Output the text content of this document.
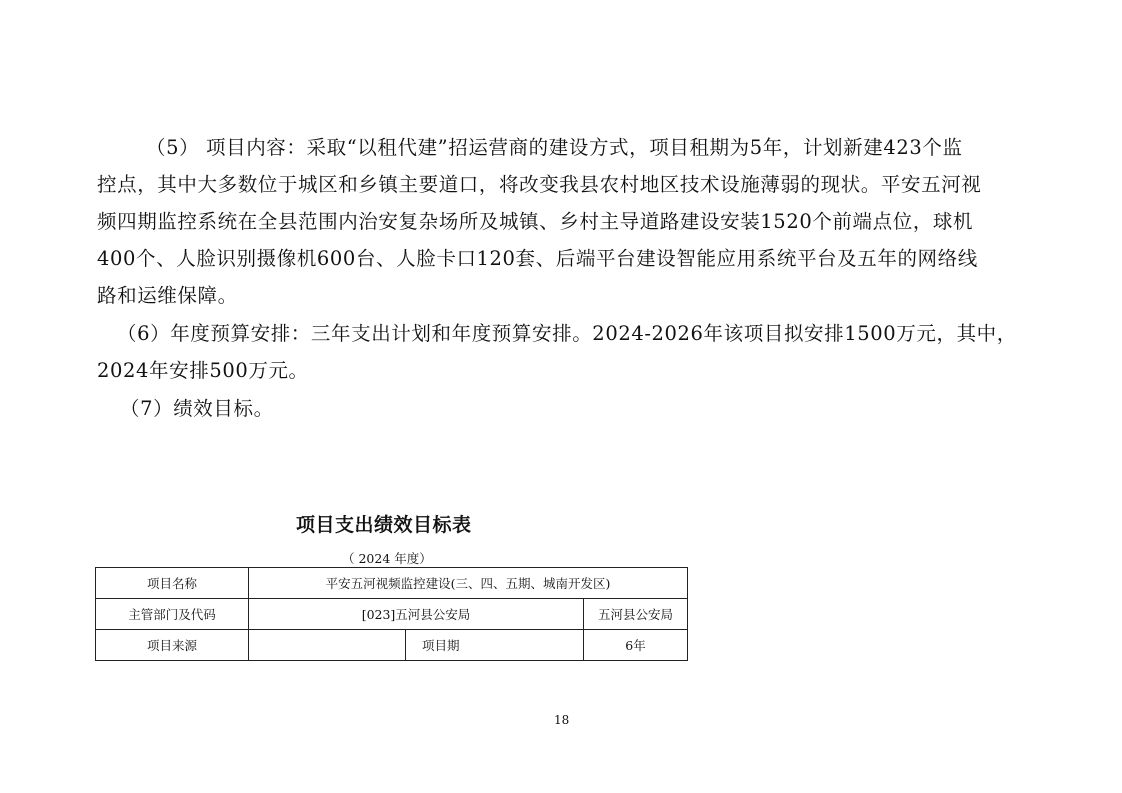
（5） 项目内容：采取“以租代建”招运营商的建设方式，项目租期为5年，计划新建423个监
控点，其中大多数位于城区和乡镇主要道口，将改变我县农村地区技术设施薄弱的现状。平安五河视
频四期监控系统在全县范围内治安复杂场所及城镇、乡村主导道路建设安装1520个前端点位，球机
400个、人脸识别摄像机600台、人脸卡口120套、后端平台建设智能应用系统平台及五年的网络线
路和运维保障。
（6）年度预算安排：三年支出计划和年度预算安排。2024-2026年该项目拟安排1500万元，其中，
2024年安排500万元。
（7）绩效目标。
项目支出绩效目标表
（ 2024 年度）
项目名称	平安五河视频监控建设(三、四、五期、城南开发区)		
主管部门及代码	[023]五河县公安局		五河县公安局
项目来源		项目期	6年
18
